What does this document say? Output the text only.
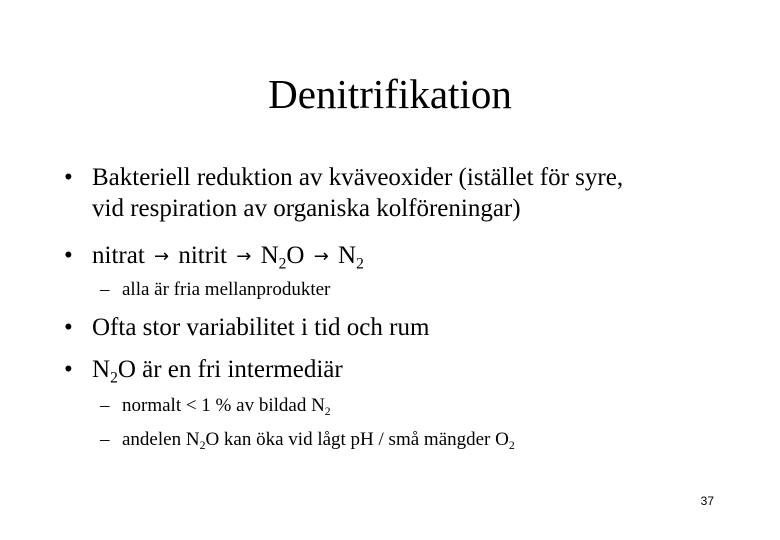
Denitrifikation
• Bakteriell reduktion av kväveoxider (istället för syre,
vid respiration av organiska kolföreningar)
• nitrat → nitrit → $N_2O \to N_2$
– alla är fria mellanprodukter
• Ofta stor variabilitet i tid och rum
• $N_2O$ är en fri intermediär
– normalt < 1 % av bildad $N_2$
– andelen $N_2O$ kan öka vid lågt pH / små mängder $O_2$
37
